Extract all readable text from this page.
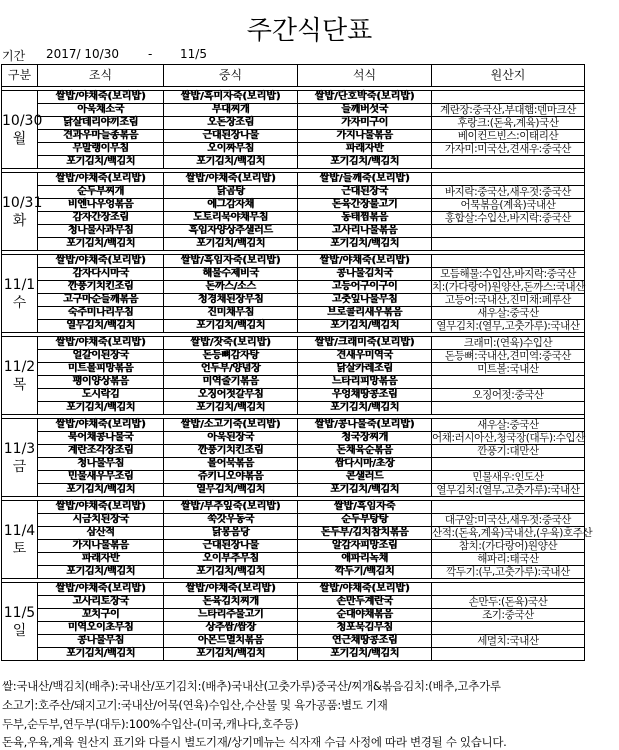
주간식단표
기간 2017/ 10/30 - 11/5
구분	조식	중식	석식	원산지

10/30
월	쌀밥/야채죽(보리밥)	쌀밥/흑미자죽(보리밥)	쌀밥/단호박죽(보리밥)	
	아욱채소국	부대찌개	들깨버섯국	계란장:중국산,부대햄:덴마크산
	닭살데리야끼조림	오돈장조림	가자미구이	후랑크:(돈육,계육)국산
	견과우마늘종볶음	근대된장나물	가지나물볶음	베이컨드빈스:이태리산
	무말랭이무침	오이짜무침	파래자반	가자미:미국산,견새우:중국산
	포기김치/백김치	포기김치/백김치	포기김치/백김치	

10/31
화	쌀밥/야채죽(보리밥)	쌀밥/야채죽(보리밥)	쌀밥/들깨죽(보리밥)	
	순두부찌개	닭곰탕	근대된장국	바지락:중국산,새우젓:중국산
	비엔나우엉볶음	에그감자채	돈육간장불고기	어묵볶음(계육)국내산
	감자간장조림	도토리묵야채무침	동태찜볶음	홍합살:수입산,바지락:중국산
	청나물사과무침	흑임자양상추샐러드	고사리나물볶음	
	포기김치/백김치	포기김치/백김치	포기김치/백김치	

11/1
수	쌀밥/야채죽(보리밥)	쌀밥/흑임자죽(보리밥)	쌀밥/야채죽(보리밥)	
	감자다시마국	해물수제비국	콩나물김치국	모듬해물:수입산,바지락:중국산
	깐풍기치킨조림	돈까스/소스	고등어구이구이	치:(가다랑어)원양산,돈까스:국내산
	고구마순들깨볶음	청경채된장무침	고춧잎나물무침	고등어:국내산,진미채:페루산
	숙주미나리무침	진미채무침	브로콜리새우볶음	새우살:중국산
	열무김치/백김치	포기김치/백김치	포기김치/백김치	열무김치:(열무,고춧가루):국내산

11/2
목	쌀밥/야채죽(보리밥)	쌀밥/잣죽(보리밥)	쌀밥/크래미죽(보리밥)	크래미:(연육)수입산
	얼갈이된장국	돈등뼈감자탕	견새우미역국	돈등뼈:국내산,견미역:중국산
	미트볼피망볶음	언두부/양념장	닭살카레조림	미트볼:국내산
	팽이양상볶음	미역줄기볶음	느타리피망볶음	
	도시락김	오징어젓갈무침	우엉채땅콩조림	오징어젓:중국산
	포기김치/백김치	포기김치/백김치	포기김치/백김치	

11/3
금	쌀밥/야채죽(보리밥)	쌀밥/소고기죽(보리밥)	쌀밥/콩나물죽(보리밥)	새우살:중국산
	북어채콩나물국	아욱된장국	청국장찌개	어채:러시아산,청국장(대두):수입산
	계란조각장조림	깐풍기치킨조림	돈채육순볶음	깐풍기:대만산
	청나물무침	볼어묵볶음	쌈다시마/초장	
	민물새우무조림	쥬키니오야볶음	콘샐러드	민물새우:인도산
	포기김치/백김치	열무김치/백김치	포기김치/백김치	열무김치:(열무,고춧가루):국내산

11/4
토	쌀밥/야채죽(보리밥)	쌀밥/부추잎죽(보리밥)	쌀밥/흑임자죽	
	시금치된장국	쑥갓우동국	순두부탕탕	대구알:미국산,새우젓:중국산
	삼산적	닭봉음당	돈두부/김치참치볶음	산적:(돈육,계육)국내산,(우육)호주산
	가지나물볶음	근대된장나물	알감자피망조림	참치:(가다랑어)원양산
	파래자반	오이부추무침	애파리녹채	해파리:태국산
	포기김치/백김치	포기김치/백김치	깍두기/백김치	깍두기:(무,고춧가루):국내산

11/5
일	쌀밥/야채죽(보리밥)	쌀밥/야채죽(보리밥)	쌀밥/야채죽(보리밥)	
	고사리토장국	돈육김치찌개	손만두계란국	손만두:(돈육)국산
	꼬치구이	느타리주물고기	순대야채볶음	조기:중국산
	미역오이초무침	상추쌈/쌈장	청포묵김무침	
	콩나물무침	아몬드멸치볶음	연근채땅콩조림	세멸치:국내산
	포기김치/백김치	포기김치/백김치	포기김치/백김치	
쌀:국내산/백김치(배추):국내산/포기김치:(배추)국내산(고춧가루)중국산/찌개&볶음김치:(배추,고추가루
소고기:호주산/돼지고기:국내산/어묵(연육)수입산,수산물 및 육가공품:별도 기재
두부,순두부,연두부(대두):100%수입산-(미국,캐나다,호주등)
돈육,우육,계육 원산지 표기와 다를시 별도기재/상기메뉴는 식자재 수급 사정에 따라 변경될 수 있습니다.
